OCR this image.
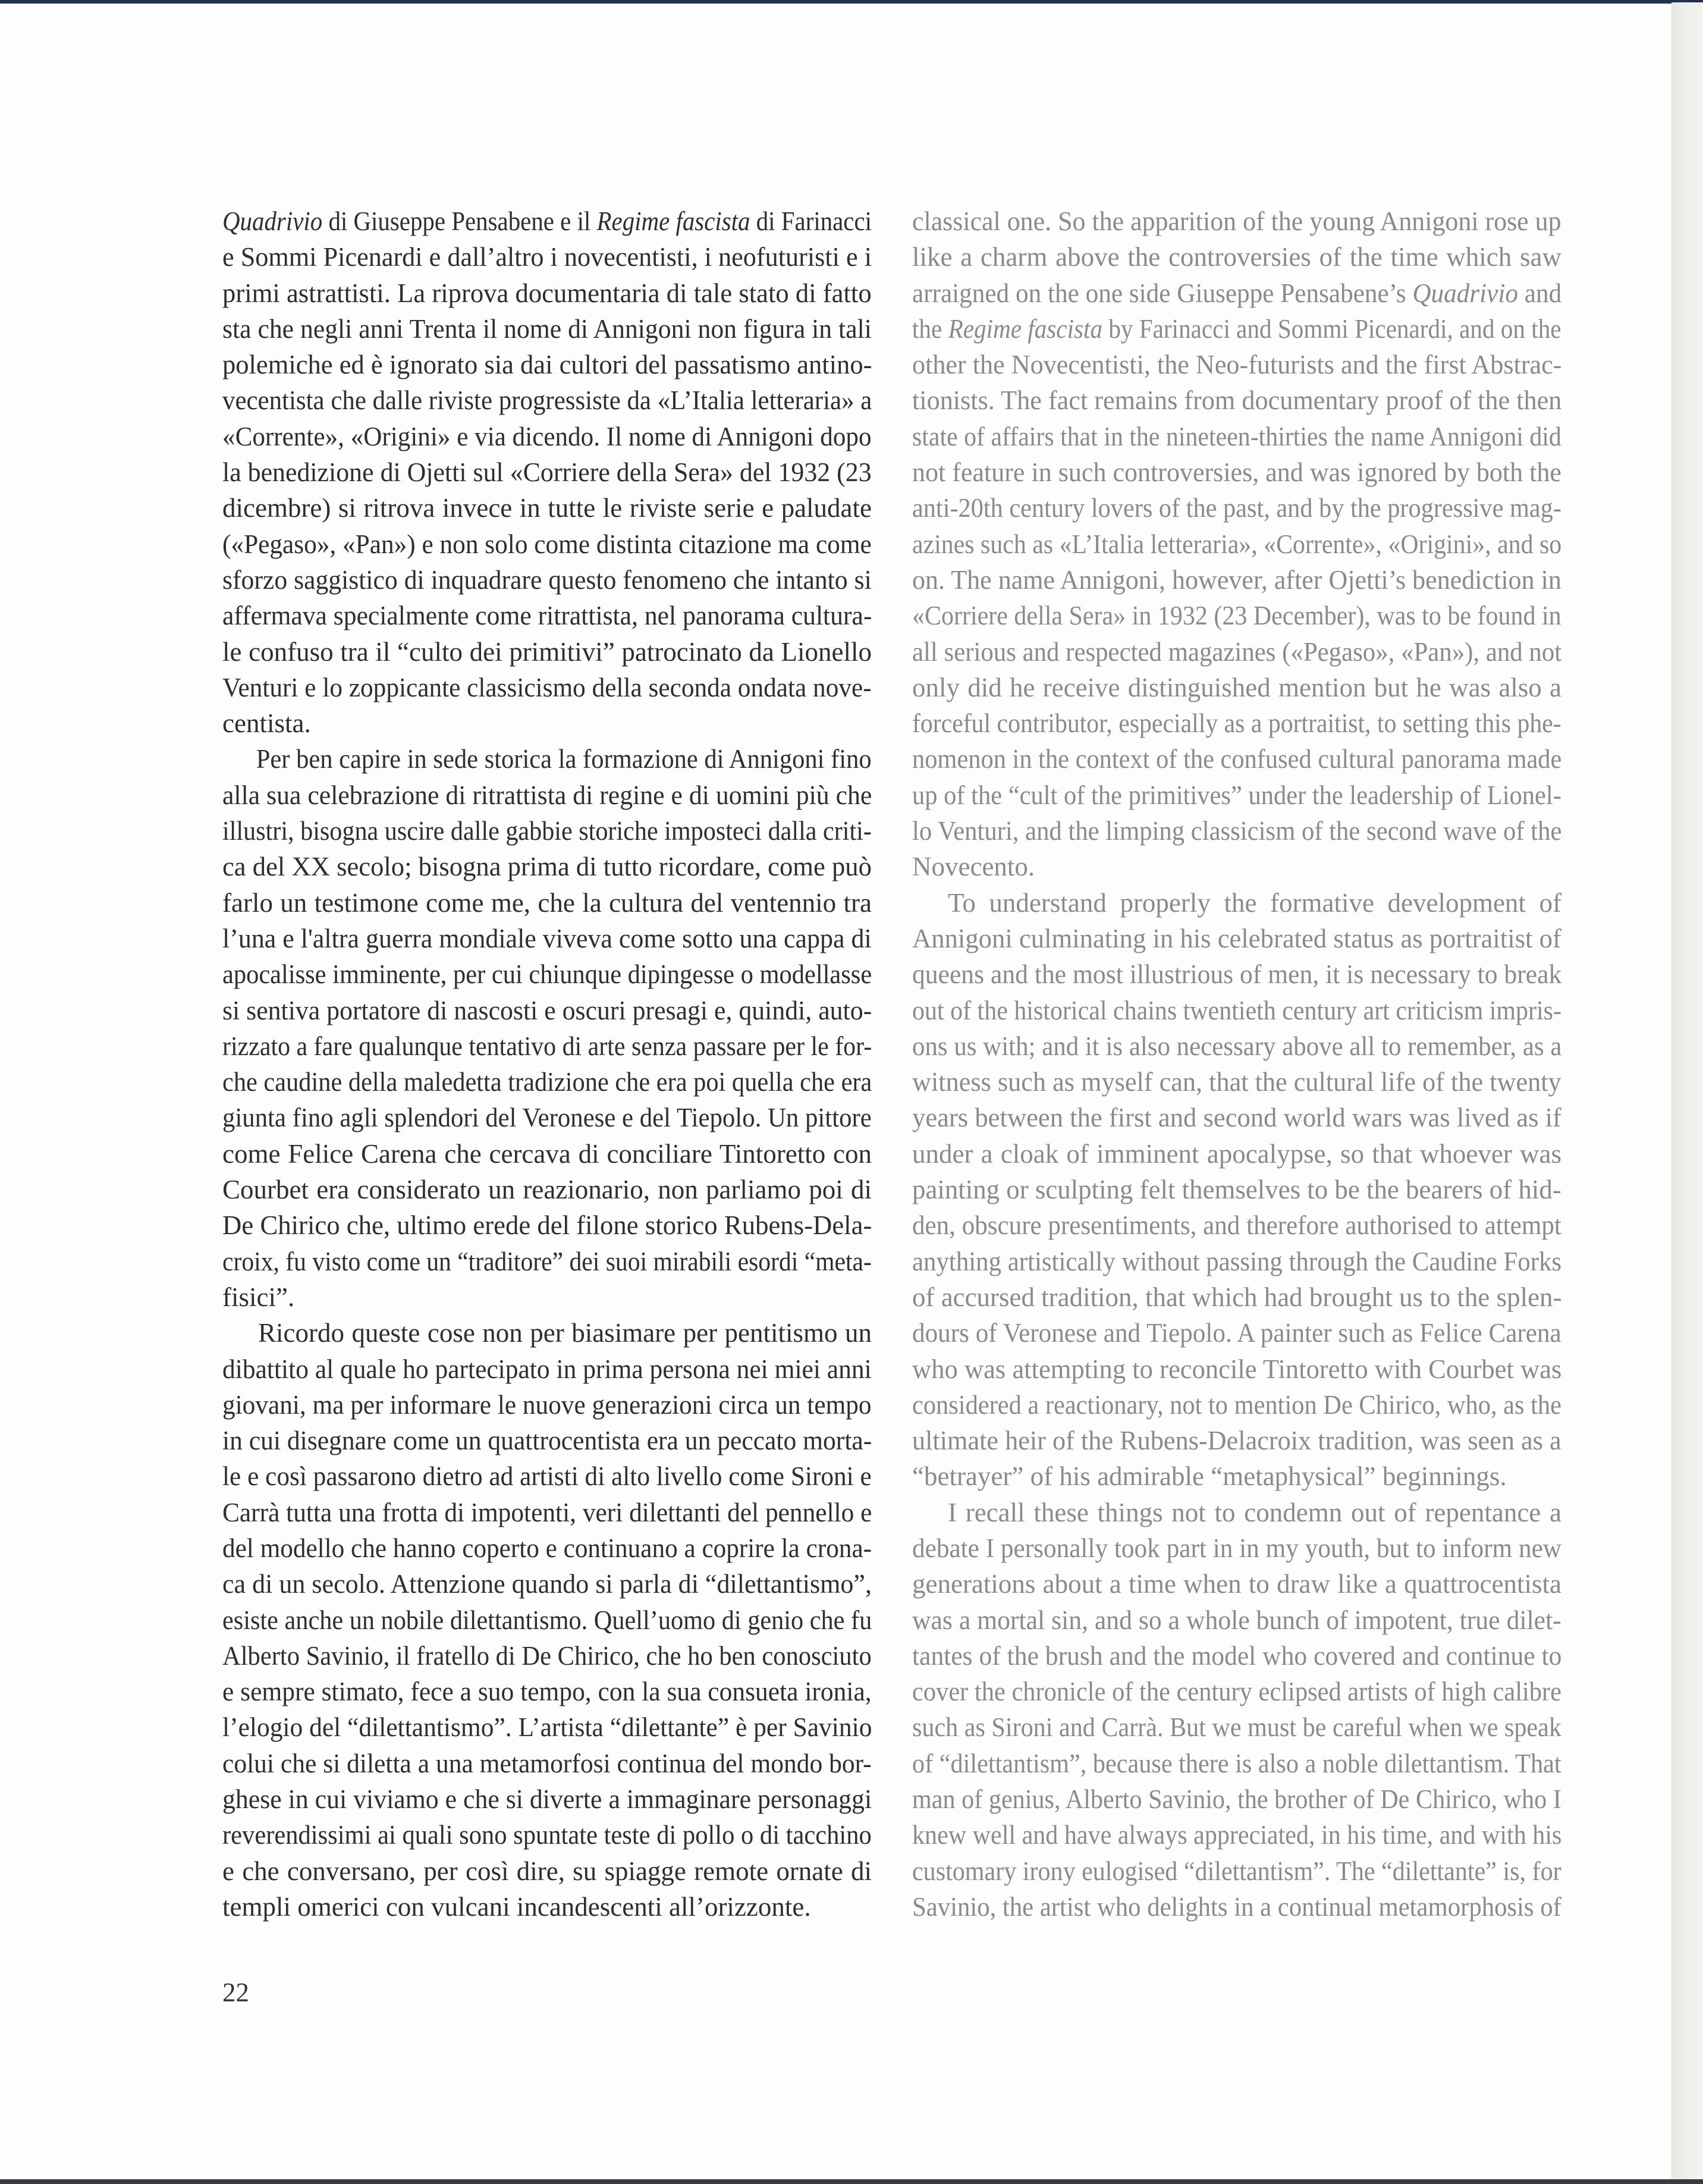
Quadrivio di Giuseppe Pensabene e il Regime fascista di Farinacci
e Sommi Picenardi e dall’altro i novecentisti, i neofuturisti e i
primi astrattisti. La riprova documentaria di tale stato di fatto
sta che negli anni Trenta il nome di Annigoni non figura in tali
polemiche ed è ignorato sia dai cultori del passatismo antino-
vecentista che dalle riviste progressiste da «L’Italia letteraria» a
«Corrente», «Origini» e via dicendo. Il nome di Annigoni dopo
la benedizione di Ojetti sul «Corriere della Sera» del 1932 (23
dicembre) si ritrova invece in tutte le riviste serie e paludate
(«Pegaso», «Pan») e non solo come distinta citazione ma come
sforzo saggistico di inquadrare questo fenomeno che intanto si
affermava specialmente come ritrattista, nel panorama cultura-
le confuso tra il “culto dei primitivi” patrocinato da Lionello
Venturi e lo zoppicante classicismo della seconda ondata nove-
centista.
Per ben capire in sede storica la formazione di Annigoni fino
alla sua celebrazione di ritrattista di regine e di uomini più che
illustri, bisogna uscire dalle gabbie storiche imposteci dalla criti-
ca del XX secolo; bisogna prima di tutto ricordare, come può
farlo un testimone come me, che la cultura del ventennio tra
l’una e l'altra guerra mondiale viveva come sotto una cappa di
apocalisse imminente, per cui chiunque dipingesse o modellasse
si sentiva portatore di nascosti e oscuri presagi e, quindi, auto-
rizzato a fare qualunque tentativo di arte senza passare per le for-
che caudine della maledetta tradizione che era poi quella che era
giunta fino agli splendori del Veronese e del Tiepolo. Un pittore
come Felice Carena che cercava di conciliare Tintoretto con
Courbet era considerato un reazionario, non parliamo poi di
De Chirico che, ultimo erede del filone storico Rubens-Dela-
croix, fu visto come un “traditore” dei suoi mirabili esordi “meta-
fisici”.
Ricordo queste cose non per biasimare per pentitismo un
dibattito al quale ho partecipato in prima persona nei miei anni
giovani, ma per informare le nuove generazioni circa un tempo
in cui disegnare come un quattrocentista era un peccato morta-
le e così passarono dietro ad artisti di alto livello come Sironi e
Carrà tutta una frotta di impotenti, veri dilettanti del pennello e
del modello che hanno coperto e continuano a coprire la crona-
ca di un secolo. Attenzione quando si parla di “dilettantismo”,
esiste anche un nobile dilettantismo. Quell’uomo di genio che fu
Alberto Savinio, il fratello di De Chirico, che ho ben conosciuto
e sempre stimato, fece a suo tempo, con la sua consueta ironia,
l’elogio del “dilettantismo”. L’artista “dilettante” è per Savinio
colui che si diletta a una metamorfosi continua del mondo bor-
ghese in cui viviamo e che si diverte a immaginare personaggi
reverendissimi ai quali sono spuntate teste di pollo o di tacchino
e che conversano, per così dire, su spiagge remote ornate di
templi omerici con vulcani incandescenti all’orizzonte.
classical one. So the apparition of the young Annigoni rose up
like a charm above the controversies of the time which saw
arraigned on the one side Giuseppe Pensabene’s Quadrivio and
the Regime fascista by Farinacci and Sommi Picenardi, and on the
other the Novecentisti, the Neo-futurists and the first Abstrac-
tionists. The fact remains from documentary proof of the then
state of affairs that in the nineteen-thirties the name Annigoni did
not feature in such controversies, and was ignored by both the
anti-20th century lovers of the past, and by the progressive mag-
azines such as «L’Italia letteraria», «Corrente», «Origini», and so
on. The name Annigoni, however, after Ojetti’s benediction in
«Corriere della Sera» in 1932 (23 December), was to be found in
all serious and respected magazines («Pegaso», «Pan»), and not
only did he receive distinguished mention but he was also a
forceful contributor, especially as a portraitist, to setting this phe-
nomenon in the context of the confused cultural panorama made
up of the “cult of the primitives” under the leadership of Lionel-
lo Venturi, and the limping classicism of the second wave of the
Novecento.
To understand properly the formative development of
Annigoni culminating in his celebrated status as portraitist of
queens and the most illustrious of men, it is necessary to break
out of the historical chains twentieth century art criticism impris-
ons us with; and it is also necessary above all to remember, as a
witness such as myself can, that the cultural life of the twenty
years between the first and second world wars was lived as if
under a cloak of imminent apocalypse, so that whoever was
painting or sculpting felt themselves to be the bearers of hid-
den, obscure presentiments, and therefore authorised to attempt
anything artistically without passing through the Caudine Forks
of accursed tradition, that which had brought us to the splen-
dours of Veronese and Tiepolo. A painter such as Felice Carena
who was attempting to reconcile Tintoretto with Courbet was
considered a reactionary, not to mention De Chirico, who, as the
ultimate heir of the Rubens-Delacroix tradition, was seen as a
“betrayer” of his admirable “metaphysical” beginnings.
I recall these things not to condemn out of repentance a
debate I personally took part in in my youth, but to inform new
generations about a time when to draw like a quattrocentista
was a mortal sin, and so a whole bunch of impotent, true dilet-
tantes of the brush and the model who covered and continue to
cover the chronicle of the century eclipsed artists of high calibre
such as Sironi and Carrà. But we must be careful when we speak
of “dilettantism”, because there is also a noble dilettantism. That
man of genius, Alberto Savinio, the brother of De Chirico, who I
knew well and have always appreciated, in his time, and with his
customary irony eulogised “dilettantism”. The “dilettante” is, for
Savinio, the artist who delights in a continual metamorphosis of
22
